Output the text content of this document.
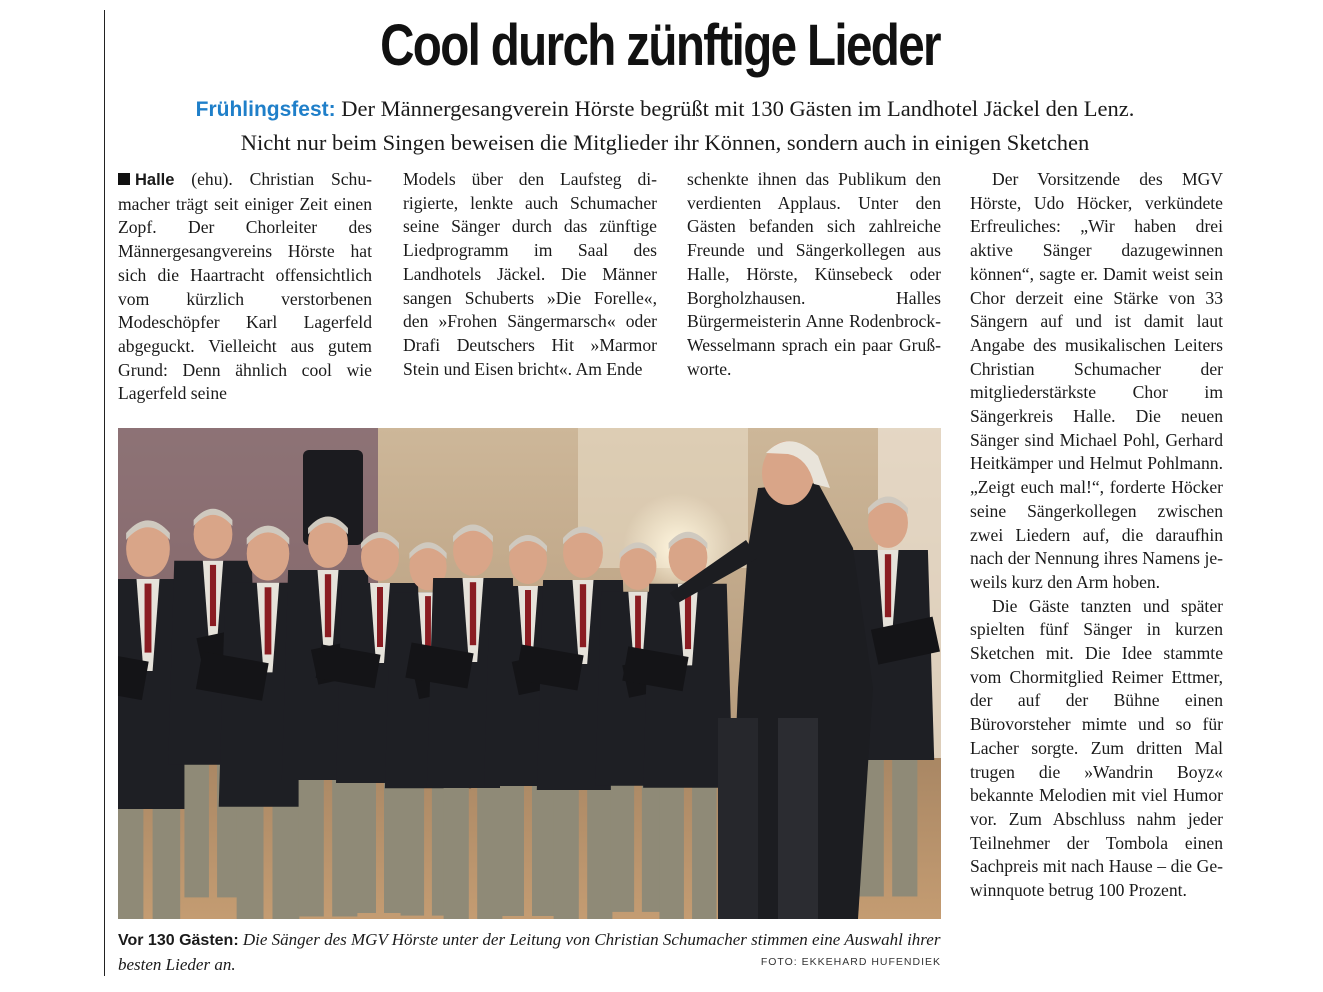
Cool durch zünftige Lieder
Frühlingsfest: Der Männergesangverein Hörste begrüßt mit 130 Gästen im Landhotel Jäckel den Lenz.
Nicht nur beim Singen beweisen die Mitglieder ihr Können, sondern auch in einigen Sketchen

Halle (ehu). Christian Schumacher trägt seit einiger Zeit einen Zopf. Der Chorleiter des Männergesangvereins Hörste hat sich die Haartracht offensichtlich vom kürzlich verstorbenen Modeschöpfer Karl Lagerfeld abgeguckt. Vielleicht aus gutem Grund: Denn ähnlich cool wie Lagerfeld seine

Models über den Laufsteg dirigierte, lenkte auch Schumacher seine Sänger durch das zünftige Liedprogramm im Saal des Landhotels Jäckel. Die Männer sangen Schuberts »Die Forelle«, den »Frohen Sängermarsch« oder Drafi Deutschers Hit »Marmor Stein und Eisen bricht«. Am Ende

schenkte ihnen das Publikum den verdienten Applaus. Unter den Gästen befanden sich zahlreiche Freunde und Sängerkollegen aus Halle, Hörste, Künsebeck oder Borgholzhausen. Halles Bürgermeisterin Anne Rodenbrock-Wesselmann sprach ein paar Grußworte.

Der Vorsitzende des MGV Hörste, Udo Höcker, verkündete Erfreuliches: „Wir haben drei aktive Sänger dazugewinnen können“, sagte er. Damit weist sein Chor derzeit eine Stärke von 33 Sängern auf und ist damit laut Angabe des musikalischen Leiters Christian Schumacher der mitgliederstärkste Chor im Sängerkreis Halle. Die neuen Sänger sind Michael Pohl, Gerhard Heitkämper und Helmut Pohlmann. „Zeigt euch mal!“, forderte Höcker seine Sängerkollegen zwischen zwei Liedern auf, die daraufhin nach der Nennung ihres Namens jeweils kurz den Arm hoben.

Die Gäste tanzten und später spielten fünf Sänger in kurzen Sketchen mit. Die Idee stammte vom Chormitglied Reimer Ettmer, der auf der Bühne einen Bürovorsteher mimte und so für Lacher sorgte. Zum dritten Mal trugen die »Wandrin Boyz« bekannte Melodien mit viel Humor vor. Zum Abschluss nahm jeder Teilnehmer der Tombola einen Sachpreis mit nach Hause – die Gewinnquote betrug 100 Prozent.

Vor 130 Gästen: Die Sänger des MGV Hörste unter der Leitung von Christian Schumacher stimmen eine Auswahl ihrer besten Lieder an.	FOTO: EKKEHARD HUFENDIEK
